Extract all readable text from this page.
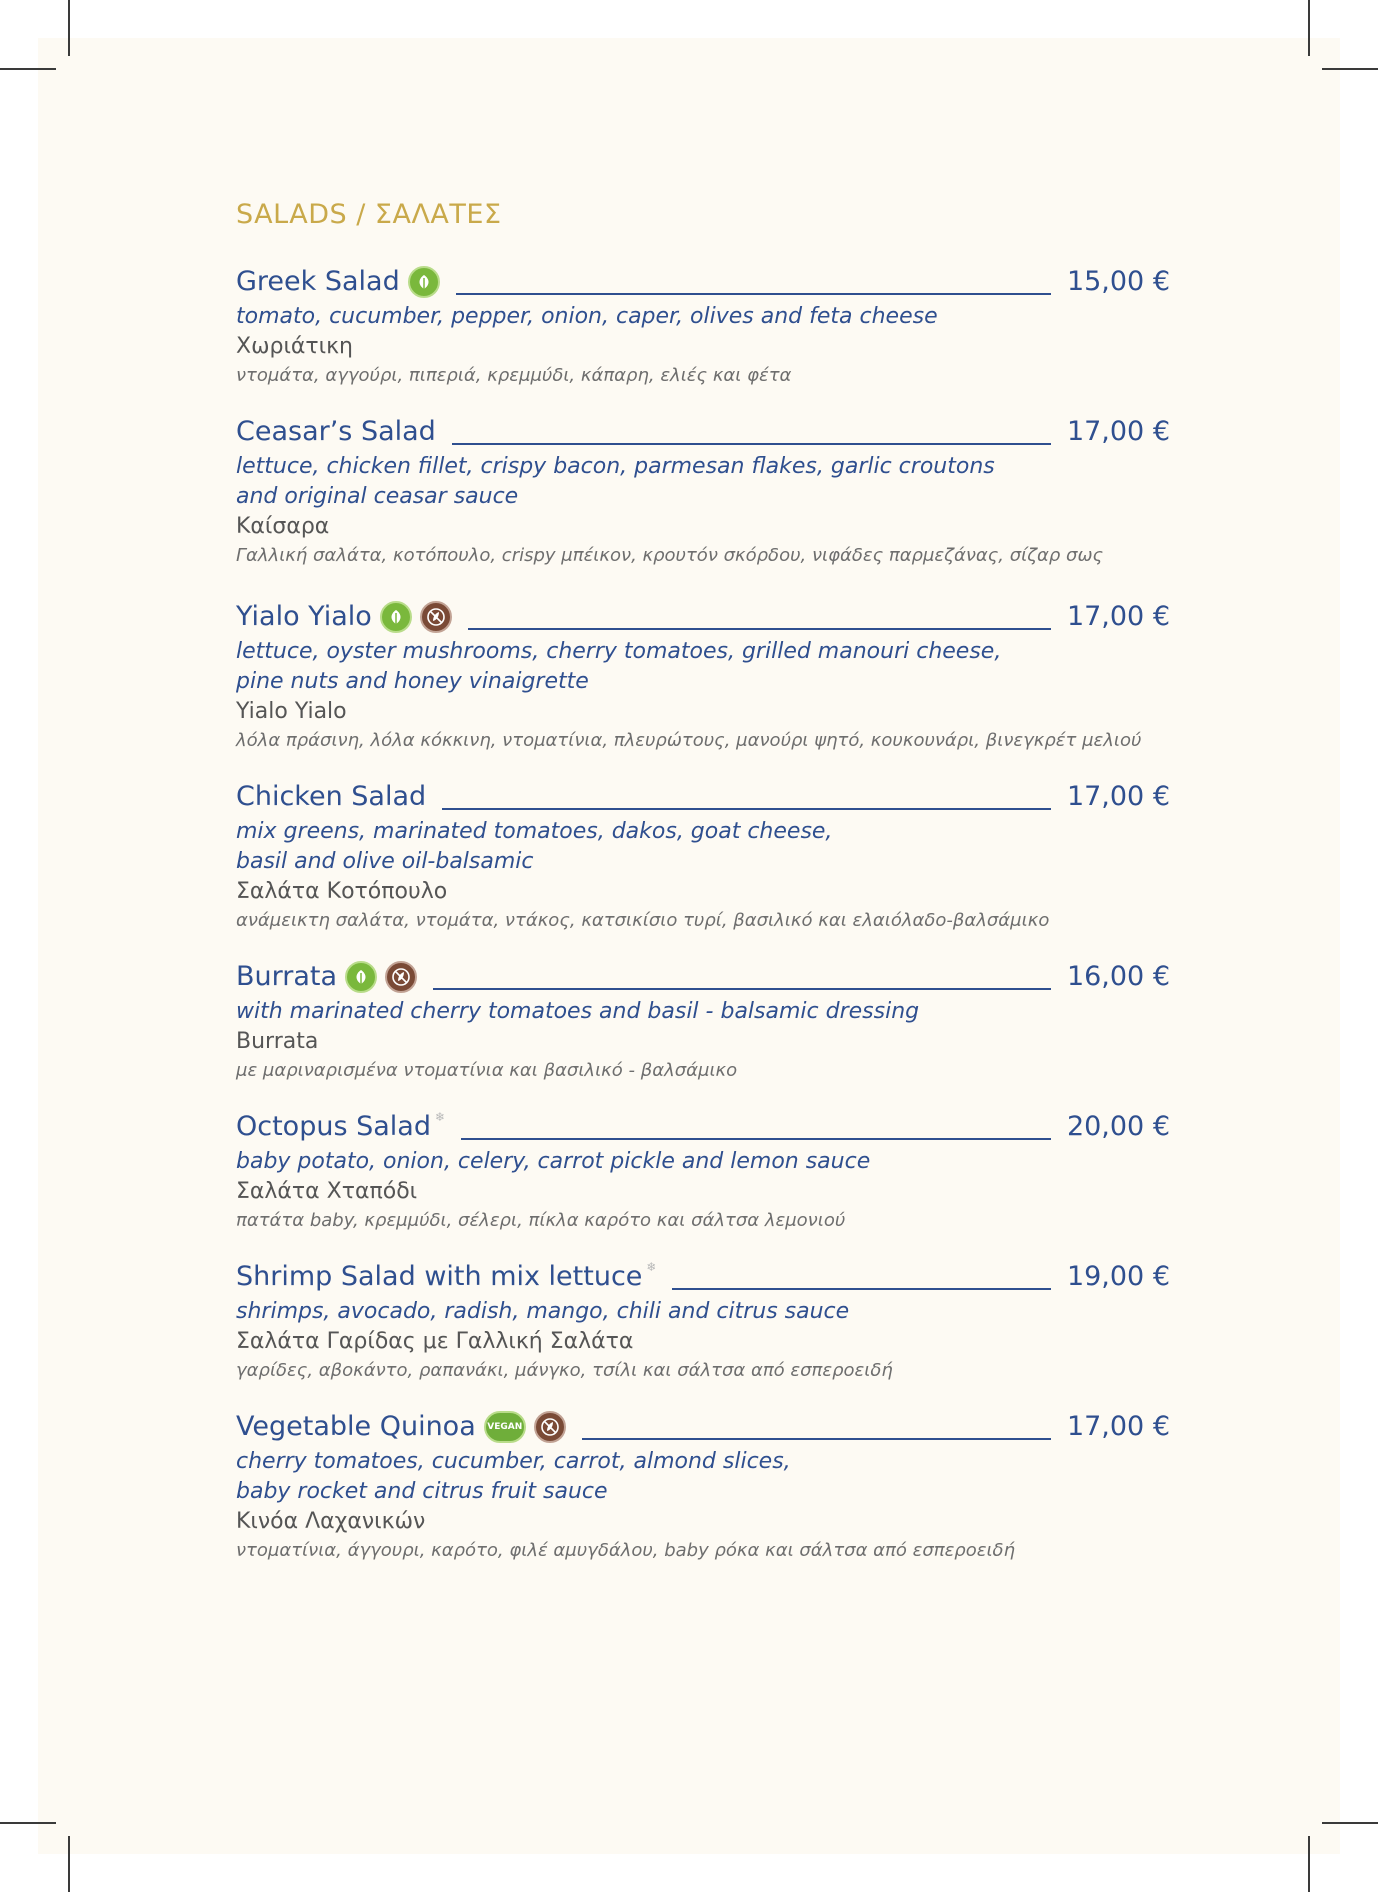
SALADS / ΣΑΛΑΤΕΣ
Greek Salad	15,00 €
tomato, cucumber, pepper, onion, caper, olives and feta cheese
Χωριάτικη
ντομάτα, αγγούρι, πιπεριά, κρεμμύδι, κάπαρη, ελιές και φέτα
Ceasar’s Salad	17,00 €
lettuce, chicken fillet, crispy bacon, parmesan flakes, garlic croutons
and original ceasar sauce
Καίσαρα
Γαλλική σαλάτα, κοτόπουλο, crispy μπέικον, κρουτόν σκόρδου, νιφάδες παρμεζάνας, σίζαρ σως
Yialo Yialo	17,00 €
lettuce, oyster mushrooms, cherry tomatoes, grilled manouri cheese,
pine nuts and honey vinaigrette
Yialo Yialo
λόλα πράσινη, λόλα κόκκινη, ντοματίνια, πλευρώτους, μανούρι ψητό, κουκουνάρι, βινεγκρέτ μελιού
Chicken Salad	17,00 €
mix greens, marinated tomatoes, dakos, goat cheese,
basil and olive oil-balsamic
Σαλάτα Κοτόπουλο
ανάμεικτη σαλάτα, ντομάτα, ντάκος, κατσικίσιο τυρί, βασιλικό και ελαιόλαδο-βαλσάμικο
Burrata	16,00 €
with marinated cherry tomatoes and basil - balsamic dressing
Burrata
με μαριναρισμένα ντοματίνια και βασιλικό - βαλσάμικο
Octopus Salad ❄	20,00 €
baby potato, onion, celery, carrot pickle and lemon sauce
Σαλάτα Χταπόδι
πατάτα baby, κρεμμύδι, σέλερι, πίκλα καρότο και σάλτσα λεμονιού
Shrimp Salad with mix lettuce ❄	19,00 €
shrimps, avocado, radish, mango, chili and citrus sauce
Σαλάτα Γαρίδας με Γαλλική Σαλάτα
γαρίδες, αβοκάντο, ραπανάκι, μάνγκο, τσίλι και σάλτσα από εσπεροειδή
Vegetable Quinoa	VEGAN	17,00 €
cherry tomatoes, cucumber, carrot, almond slices,
baby rocket and citrus fruit sauce
Κινόα Λαχανικών
ντοματίνια, άγγουρι, καρότο, φιλέ αμυγδάλου, baby ρόκα και σάλτσα από εσπεροειδή
